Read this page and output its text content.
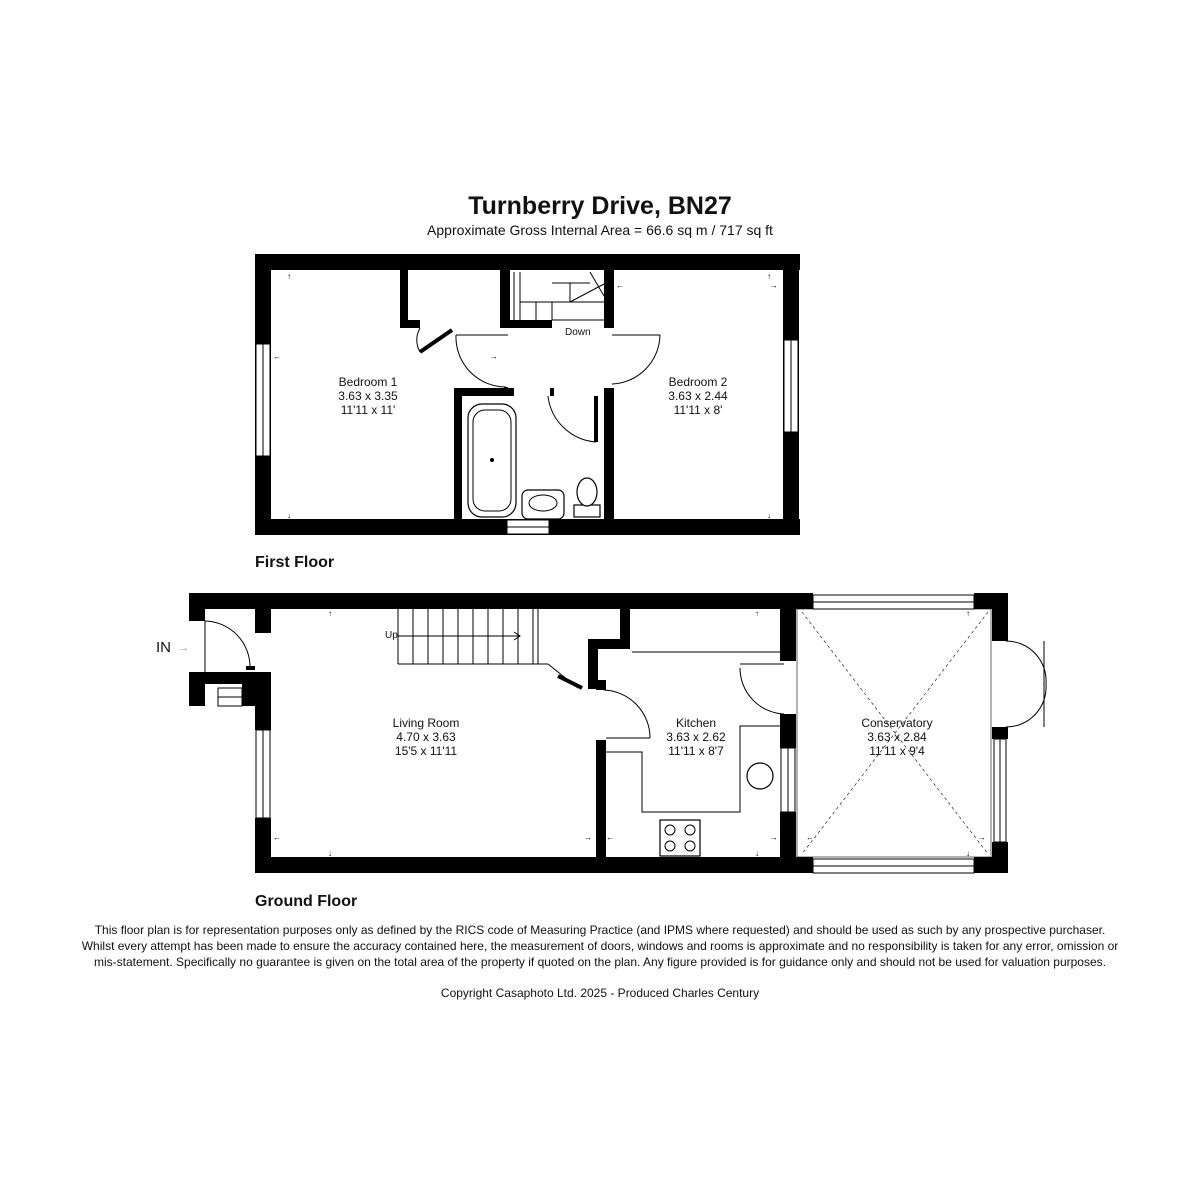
Turnberry Drive, BN27
Approximate Gross Internal Area = 66.6 sq m / 717 sq ft
Down
↑
↓
←	→
↑
↓
←	→
Bedroom 1
3.63 x 3.35
11'11 x 11'
Bedroom 2
3.63 x 2.44
11'11 x 8'
First Floor
Up
↑
↓
←	→
↑
↓
←	→
↑
↓
←	→
IN →
Living Room
4.70 x 3.63
15'5 x 11'11
Kitchen
3.63 x 2.62
11'11 x 8'7
Conservatory
3.63 x 2.84
11'11 x 9'4
Ground Floor
This floor plan is for representation purposes only as defined by the RICS code of Measuring Practice (and IPMS where requested) and should be used as such by any prospective purchaser. Whilst every attempt has been made to ensure the accuracy contained here, the measurement of doors, windows and rooms is approximate and no responsibility is taken for any error, omission or mis-statement. Specifically no guarantee is given on the total area of the property if quoted on the plan. Any figure provided is for guidance only and should not be used for valuation purposes.
Copyright Casaphoto Ltd. 2025 - Produced Charles Century
